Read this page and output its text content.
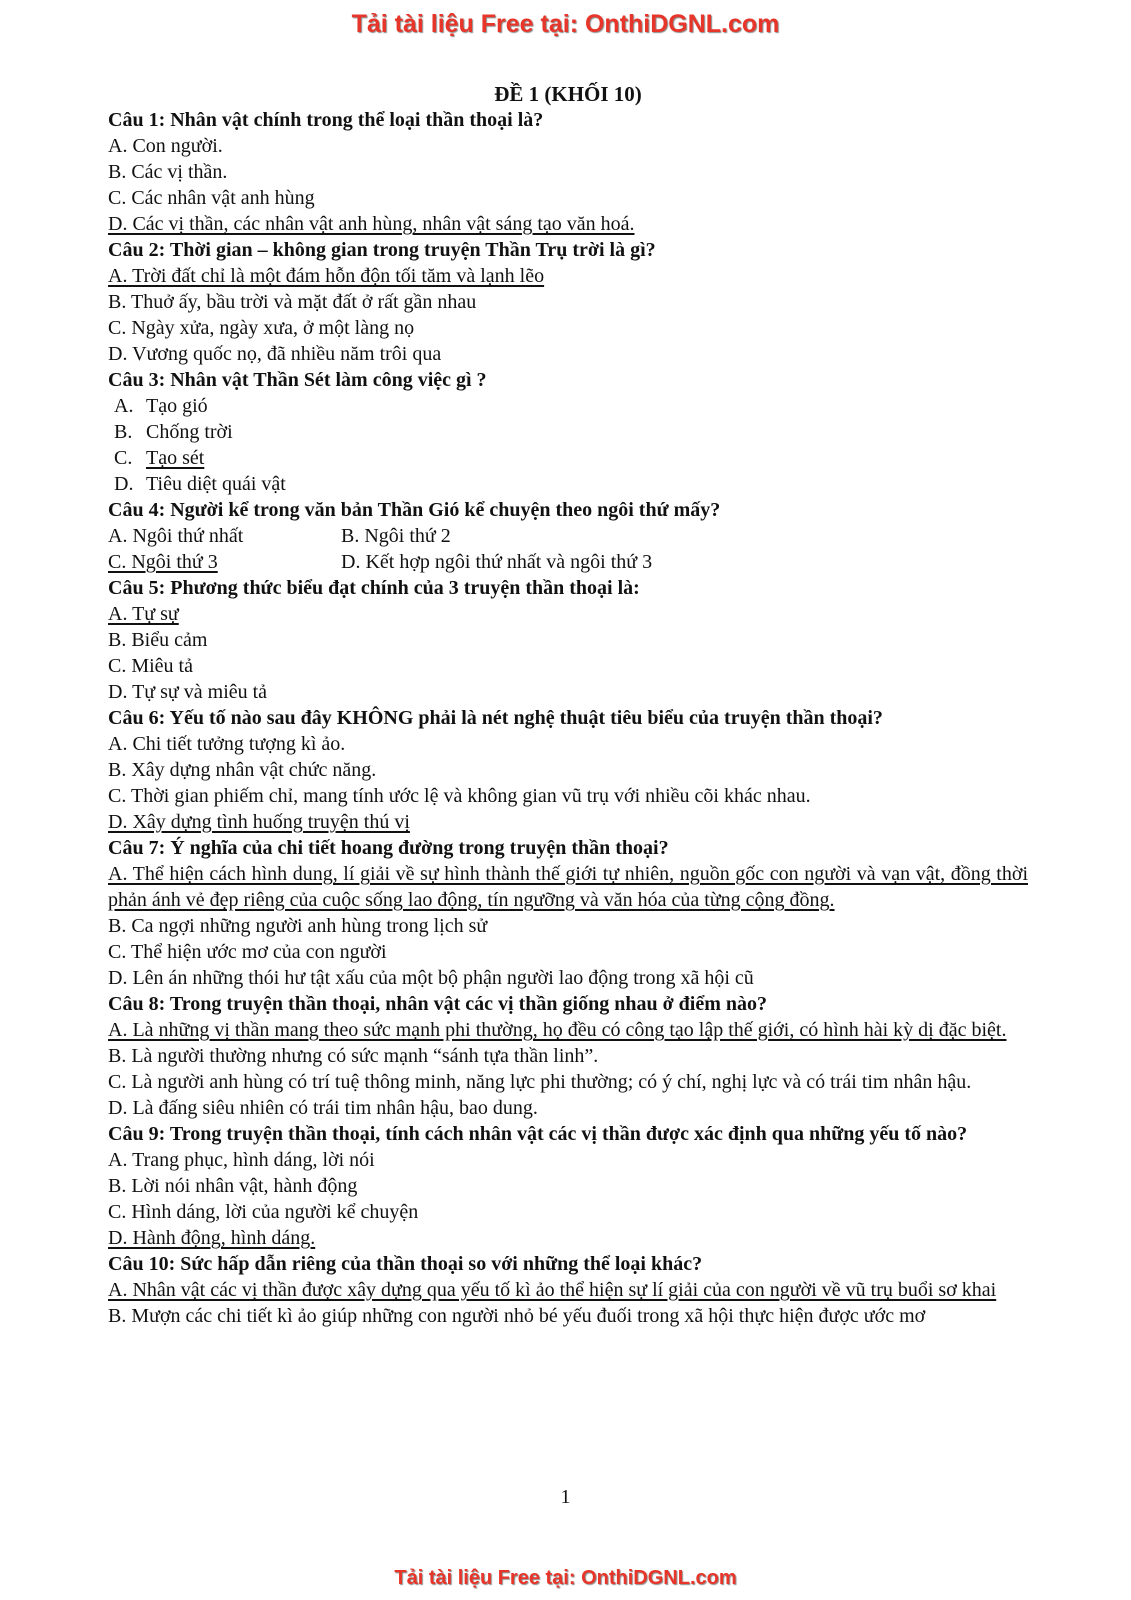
Tải tài liệu Free tại: OnthiDGNL.com
ĐỀ 1 (KHỐI 10)
Câu 1: Nhân vật chính trong thể loại thần thoại là?
A. Con người.
B. Các vị thần.
C. Các nhân vật anh hùng
D. Các vị thần, các nhân vật anh hùng, nhân vật sáng tạo văn hoá.
Câu 2: Thời gian – không gian trong truyện Thần Trụ trời là gì?
A. Trời đất chỉ là một đám hỗn độn tối tăm và lạnh lẽo
B. Thuở ấy, bầu trời và mặt đất ở rất gần nhau
C. Ngày xửa, ngày xưa, ở một làng nọ
D. Vương quốc nọ, đã nhiều năm trôi qua
Câu 3: Nhân vật Thần Sét làm công việc gì ?
A. Tạo gió
B. Chống trời
C. Tạo sét
D. Tiêu diệt quái vật
Câu 4: Người kể trong văn bản Thần Gió kể chuyện theo ngôi thứ mấy?
A. Ngôi thứ nhất	B. Ngôi thứ 2
C. Ngôi thứ 3	D. Kết hợp ngôi thứ nhất và ngôi thứ 3
Câu 5: Phương thức biểu đạt chính của 3 truyện thần thoại là:
A. Tự sự
B. Biểu cảm
C. Miêu tả
D. Tự sự và miêu tả
Câu 6: Yếu tố nào sau đây KHÔNG phải là nét nghệ thuật tiêu biểu của truyện thần thoại?
A. Chi tiết tưởng tượng kì ảo.
B. Xây dựng nhân vật chức năng.
C. Thời gian phiếm chỉ, mang tính ước lệ và không gian vũ trụ với nhiều cõi khác nhau.
D. Xây dựng tình huống truyện thú vị
Câu 7: Ý nghĩa của chi tiết hoang đường trong truyện thần thoại?
A. Thể hiện cách hình dung, lí giải về sự hình thành thế giới tự nhiên, nguồn gốc con người và vạn vật, đồng thời phản ánh vẻ đẹp riêng của cuộc sống lao động, tín ngưỡng và văn hóa của từng cộng đồng.
B. Ca ngợi những người anh hùng trong lịch sử
C. Thể hiện ước mơ của con người
D. Lên án những thói hư tật xấu của một bộ phận người lao động trong xã hội cũ
Câu 8: Trong truyện thần thoại, nhân vật các vị thần giống nhau ở điểm nào?
A. Là những vị thần mang theo sức mạnh phi thường, họ đều có công tạo lập thế giới, có hình hài kỳ dị đặc biệt.
B. Là người thường nhưng có sức mạnh “sánh tựa thần linh”.
C. Là người anh hùng có trí tuệ thông minh, năng lực phi thường; có ý chí, nghị lực và có trái tim nhân hậu.
D. Là đấng siêu nhiên có trái tim nhân hậu, bao dung.
Câu 9: Trong truyện thần thoại, tính cách nhân vật các vị thần được xác định qua những yếu tố nào?
A. Trang phục, hình dáng, lời nói
B. Lời nói nhân vật, hành động
C. Hình dáng, lời của người kể chuyện
D. Hành động, hình dáng.
Câu 10: Sức hấp dẫn riêng của thần thoại so với những thể loại khác?
A. Nhân vật các vị thần được xây dựng qua yếu tố kì ảo thể hiện sự lí giải của con người về vũ trụ buổi sơ khai
B. Mượn các chi tiết kì ảo giúp những con người nhỏ bé yếu đuối trong xã hội thực hiện được ước mơ
1
Tải tài liệu Free tại: OnthiDGNL.com
